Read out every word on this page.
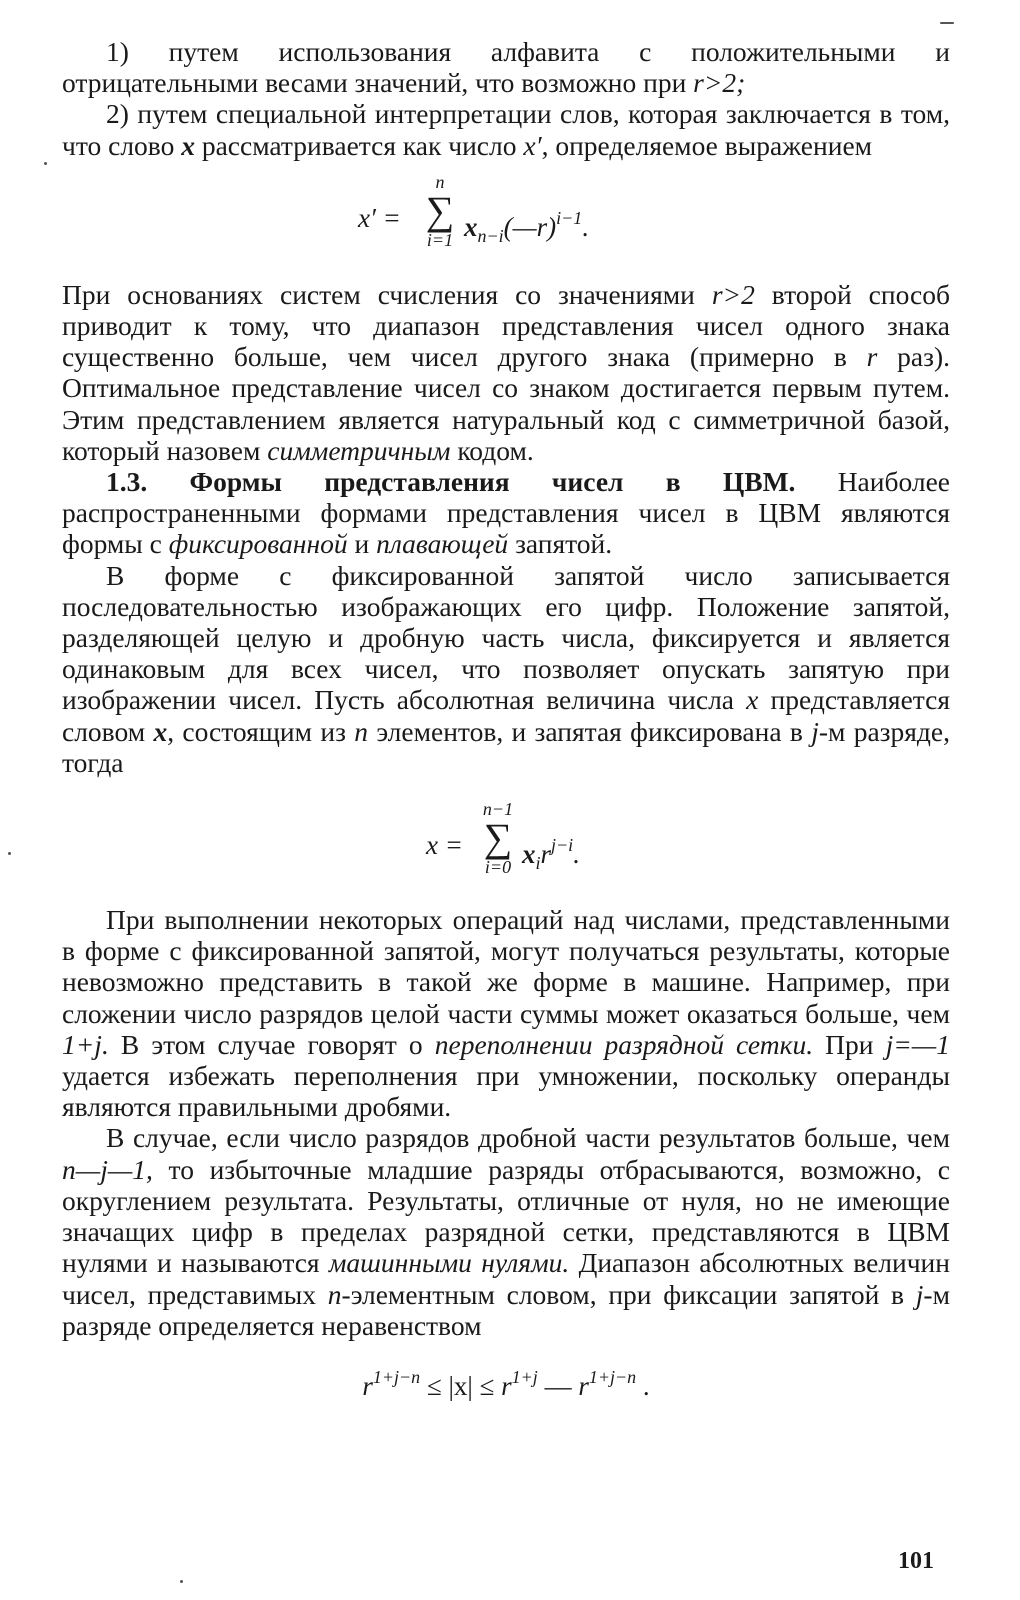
1) путем использования алфавита с положительными и отрицательными весами значений, что возможно при r>2;

2) путем специальной интерпретации слов, которая заключается в том, что слово x рассматривается как число x′, определяемое выражением

x′ =
n
∑
i=1 $x_{n-i}(—r)^{i-1}$.

При основаниях систем счисления со значениями r>2 второй способ приводит к тому, что диапазон представления чисел одного знака существенно больше, чем чисел другого знака (примерно в r раз). Оптимальное представление чисел со знаком достигается первым путем. Этим представлением является натуральный код с симметричной базой, который назовем симметричным кодом.

1.3. Формы представления чисел в ЦВМ. Наиболее распространенными формами представления чисел в ЦВМ являются формы с фиксированной и плавающей запятой.

В форме с фиксированной запятой число записывается последовательностью изображающих его цифр. Положение запятой, разделяющей целую и дробную часть числа, фиксируется и является одинаковым для всех чисел, что позволяет опускать запятую при изображении чисел. Пусть абсолютная величина числа x представляется словом x, состоящим из n элементов, и запятая фиксирована в j-м разряде, тогда

x =
n−1
∑
i=0 $x_ir^{j-i}$.

При выполнении некоторых операций над числами, представленными в форме с фиксированной запятой, могут получаться результаты, которые невозможно представить в такой же форме в машине. Например, при сложении число разрядов целой части суммы может оказаться больше, чем 1+j. В этом случае говорят о переполнении разрядной сетки. При j=—1 удается избежать переполнения при умножении, поскольку операнды являются правильными дробями.

В случае, если число разрядов дробной части результатов больше, чем n—j—1, то избыточные младшие разряды отбрасываются, возможно, с округлением результата. Результаты, отличные от нуля, но не имеющие значащих цифр в пределах разрядной сетки, представляются в ЦВМ нулями и называются машинными нулями. Диапазон абсолютных величин чисел, представимых n-элементным словом, при фиксации запятой в j-м разряде определяется неравенством

$r^{1+j-n} \le |x| \le r^{1+j}$ — $r^{1+j-n}$ .
101
